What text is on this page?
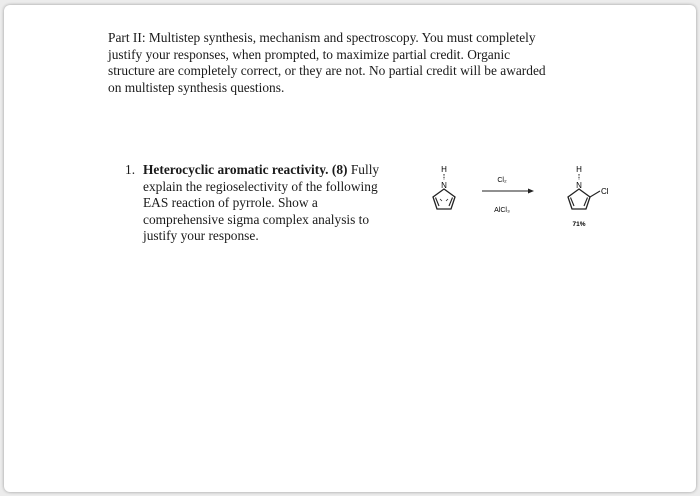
Part II: Multistep synthesis, mechanism and spectroscopy. You must completely
justify your responses, when prompted, to maximize partial credit. Organic
structure are completely correct, or they are not. No partial credit will be awarded
on multistep synthesis questions.
1. Heterocyclic aromatic reactivity. (8) Fully
explain the regioselectivity of the following
EAS reaction of pyrrole. Show a
comprehensive sigma complex analysis to
justify your response.
H
N
Cl₂
AlCl₃
H
N
Cl
71%
